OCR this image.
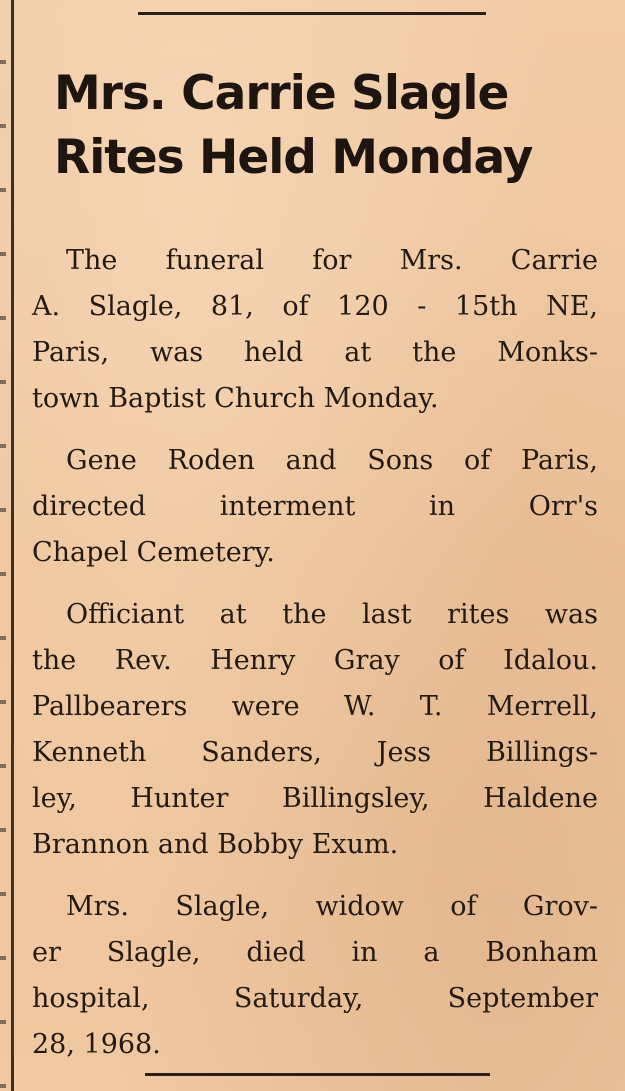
Mrs. Carrie Slagle
Rites Held Monday

The funeral for Mrs. Carrie
A. Slagle, 81, of 120 - 15th NE,
Paris, was held at the Monks-
town Baptist Church Monday.

Gene Roden and Sons of Paris,
directed interment in Orr's
Chapel Cemetery.

Officiant at the last rites was
the Rev. Henry Gray of Idalou.
Pallbearers were W. T. Merrell,
Kenneth Sanders, Jess Billings-
ley, Hunter Billingsley, Haldene
Brannon and Bobby Exum.

Mrs. Slagle, widow of Grov-
er Slagle, died in a Bonham
hospital, Saturday, September
28, 1968.
